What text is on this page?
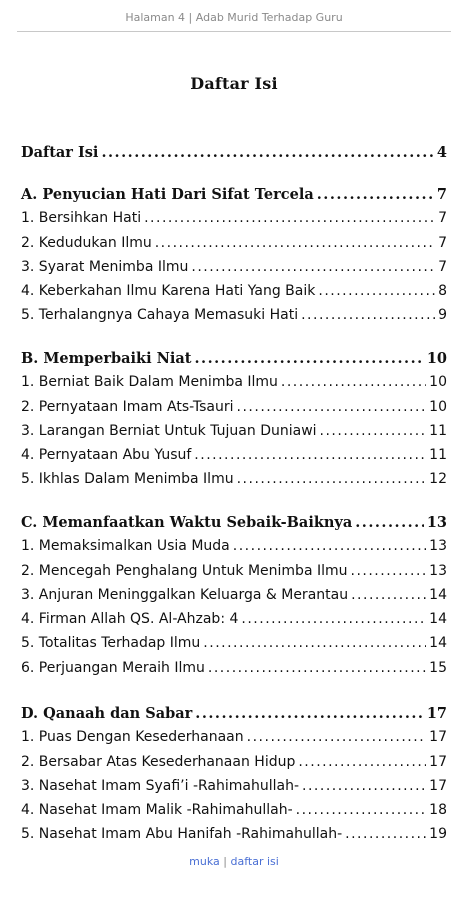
Halaman 4 | Adab Murid Terhadap Guru
Daftar Isi
Daftar Isi .....	4
A. Penyucian Hati Dari Sifat Tercela .....	7
1. Bersihkan Hati .....	7
2. Kedudukan Ilmu .....	7
3. Syarat Menimba Ilmu .....	7
4. Keberkahan Ilmu Karena Hati Yang Baik .....	8
5. Terhalangnya Cahaya Memasuki Hati .....	9
B. Memperbaiki Niat .....	10
1. Berniat Baik Dalam Menimba Ilmu .....	10
2. Pernyataan Imam Ats-Tsauri .....	10
3. Larangan Berniat Untuk Tujuan Duniawi .....	11
4. Pernyataan Abu Yusuf .....	11
5. Ikhlas Dalam Menimba Ilmu .....	12
C. Memanfaatkan Waktu Sebaik-Baiknya .....	13
1. Memaksimalkan Usia Muda .....	13
2. Mencegah Penghalang Untuk Menimba Ilmu .....	13
3. Anjuran Meninggalkan Keluarga & Merantau .....	14
4. Firman Allah QS. Al-Ahzab: 4 .....	14
5. Totalitas Terhadap Ilmu .....	14
6. Perjuangan Meraih Ilmu .....	15
D. Qanaah dan Sabar .....	17
1. Puas Dengan Kesederhanaan .....	17
2. Bersabar Atas Kesederhanaan Hidup .....	17
3. Nasehat Imam Syafi’i -Rahimahullah- .....	17
4. Nasehat Imam Malik -Rahimahullah- .....	18
5. Nasehat Imam Abu Hanifah -Rahimahullah- .....	19
muka | daftar isi
